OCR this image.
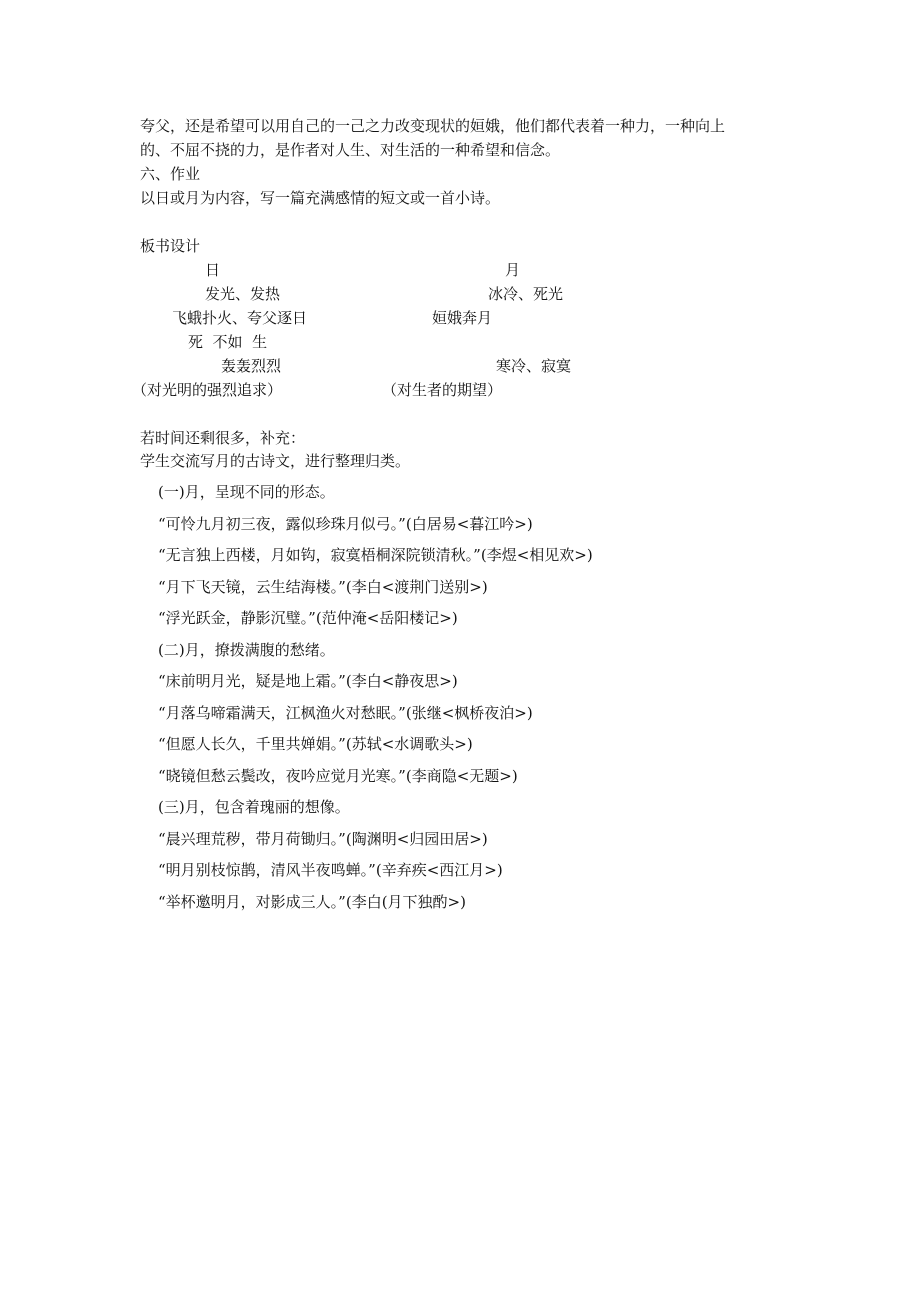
夸父，还是希望可以用自己的一己之力改变现状的姮娥，他们都代表着一种力，一种向上
的、不屈不挠的力，是作者对人生、对生活的一种希望和信念。
六、作业
以日或月为内容，写一篇充满感情的短文或一首小诗。
板书设计
日	月
发光、发热	冰冷、死光
飞蛾扑火、夸父逐日	姮娥奔月
死  不如  生
轰轰烈烈	寒冷、寂寞
（对光明的强烈追求）	（对生者的期望）
若时间还剩很多，补充：
学生交流写月的古诗文，进行整理归类。
(一)月，呈现不同的形态。
“可怜九月初三夜，露似珍珠月似弓。”(白居易<暮江吟>)
“无言独上西楼，月如钩，寂寞梧桐深院锁清秋。”(李煜<相见欢>)
“月下飞天镜，云生结海楼。”(李白<渡荆门送别>)
“浮光跃金，静影沉璧。”(范仲淹<岳阳楼记>)
(二)月，撩拨满腹的愁绪。
“床前明月光，疑是地上霜。”(李白<静夜思>)
“月落乌啼霜满天，江枫渔火对愁眠。”(张继<枫桥夜泊>)
“但愿人长久，千里共婵娟。”(苏轼<水调歌头>)
“晓镜但愁云鬓改，夜吟应觉月光寒。”(李商隐<无题>)
(三)月，包含着瑰丽的想像。
“晨兴理荒秽，带月荷锄归。”(陶渊明<归园田居>)
“明月别枝惊鹊，清风半夜鸣蝉。”(辛弃疾<西江月>)
“举杯邀明月，对影成三人。”(李白(月下独酌>)
